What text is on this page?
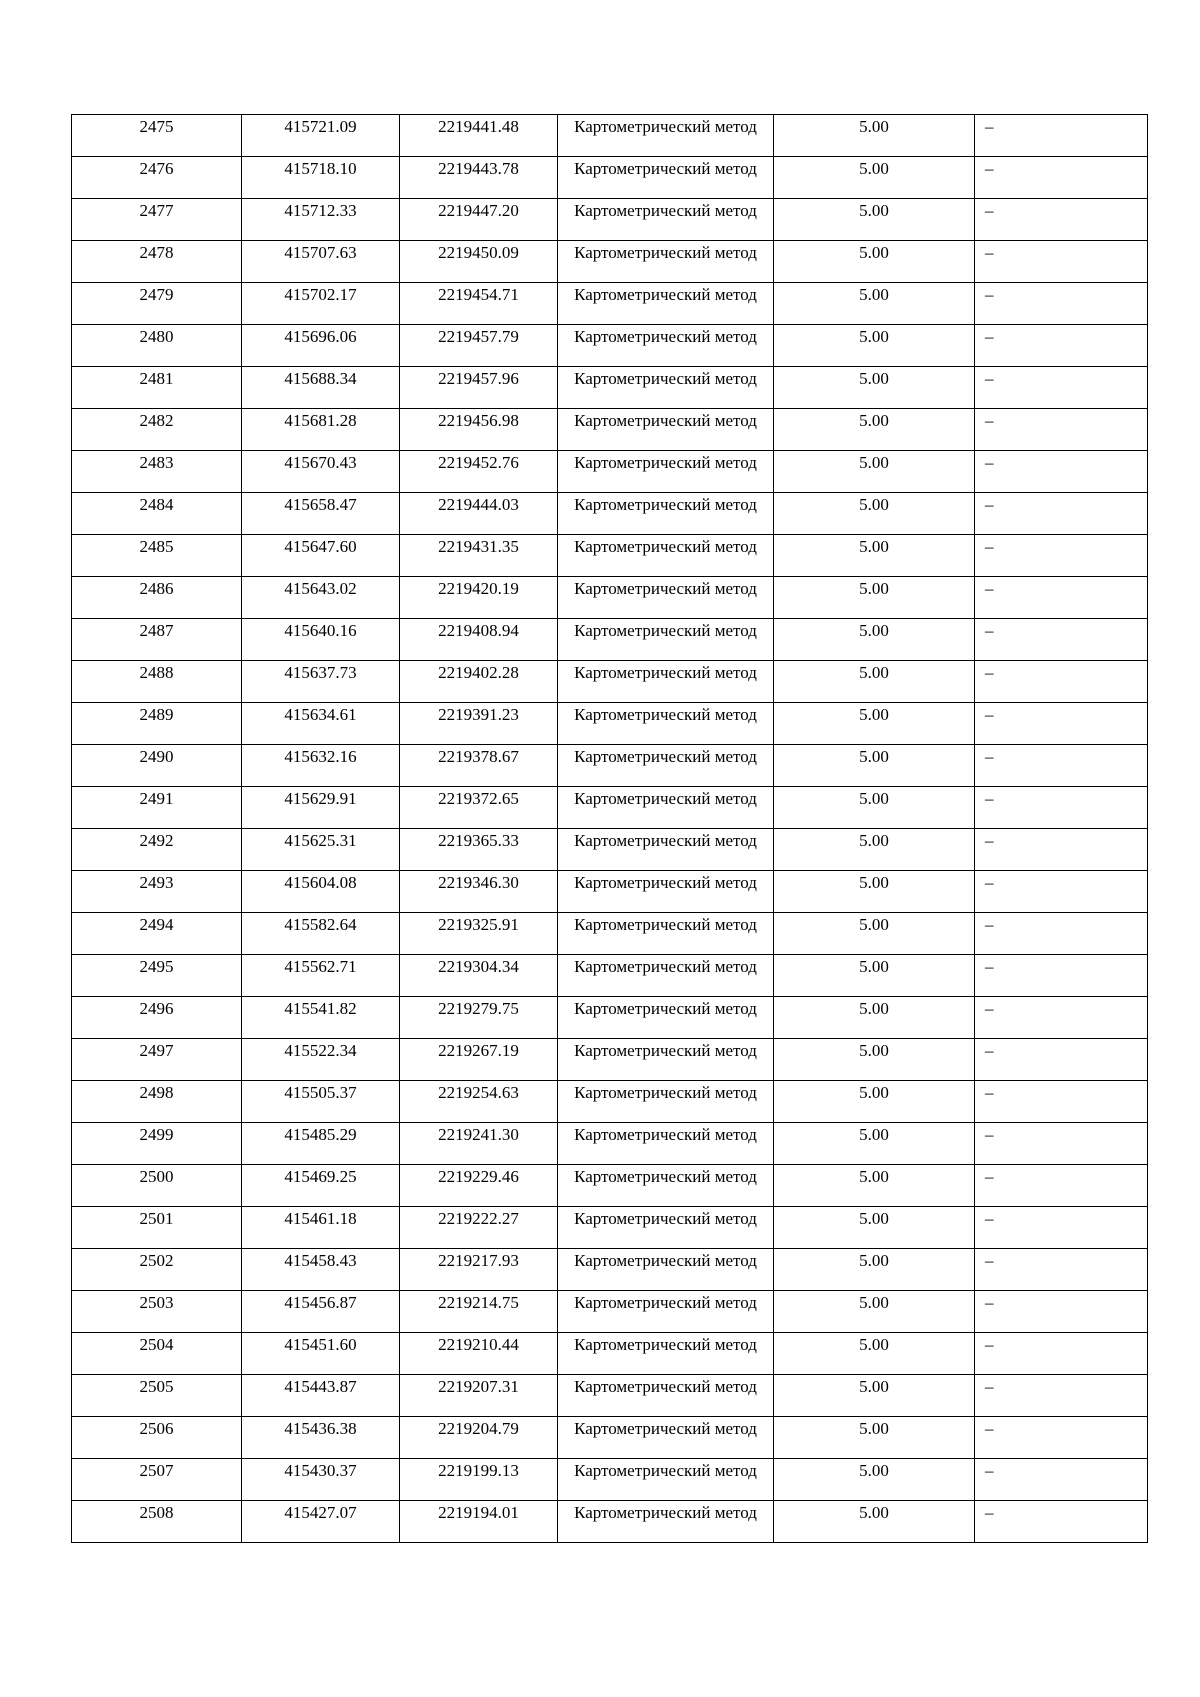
2475	415721.09	2219441.48	Картометрический метод	5.00	–
2476	415718.10	2219443.78	Картометрический метод	5.00	–
2477	415712.33	2219447.20	Картометрический метод	5.00	–
2478	415707.63	2219450.09	Картометрический метод	5.00	–
2479	415702.17	2219454.71	Картометрический метод	5.00	–
2480	415696.06	2219457.79	Картометрический метод	5.00	–
2481	415688.34	2219457.96	Картометрический метод	5.00	–
2482	415681.28	2219456.98	Картометрический метод	5.00	–
2483	415670.43	2219452.76	Картометрический метод	5.00	–
2484	415658.47	2219444.03	Картометрический метод	5.00	–
2485	415647.60	2219431.35	Картометрический метод	5.00	–
2486	415643.02	2219420.19	Картометрический метод	5.00	–
2487	415640.16	2219408.94	Картометрический метод	5.00	–
2488	415637.73	2219402.28	Картометрический метод	5.00	–
2489	415634.61	2219391.23	Картометрический метод	5.00	–
2490	415632.16	2219378.67	Картометрический метод	5.00	–
2491	415629.91	2219372.65	Картометрический метод	5.00	–
2492	415625.31	2219365.33	Картометрический метод	5.00	–
2493	415604.08	2219346.30	Картометрический метод	5.00	–
2494	415582.64	2219325.91	Картометрический метод	5.00	–
2495	415562.71	2219304.34	Картометрический метод	5.00	–
2496	415541.82	2219279.75	Картометрический метод	5.00	–
2497	415522.34	2219267.19	Картометрический метод	5.00	–
2498	415505.37	2219254.63	Картометрический метод	5.00	–
2499	415485.29	2219241.30	Картометрический метод	5.00	–
2500	415469.25	2219229.46	Картометрический метод	5.00	–
2501	415461.18	2219222.27	Картометрический метод	5.00	–
2502	415458.43	2219217.93	Картометрический метод	5.00	–
2503	415456.87	2219214.75	Картометрический метод	5.00	–
2504	415451.60	2219210.44	Картометрический метод	5.00	–
2505	415443.87	2219207.31	Картометрический метод	5.00	–
2506	415436.38	2219204.79	Картометрический метод	5.00	–
2507	415430.37	2219199.13	Картометрический метод	5.00	–
2508	415427.07	2219194.01	Картометрический метод	5.00	–
